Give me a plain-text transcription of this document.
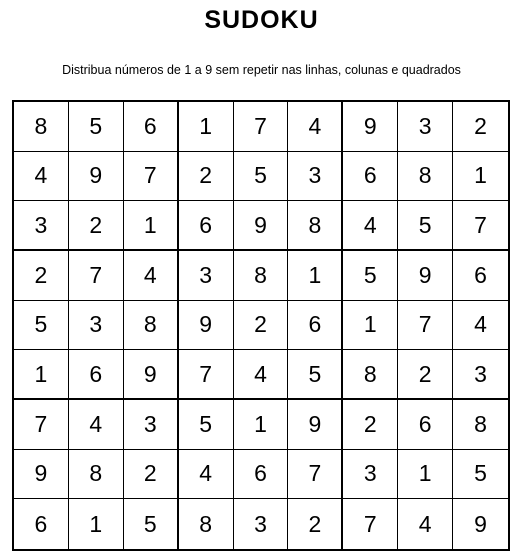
SUDOKU
Distribua números de 1 a 9 sem repetir nas linhas, colunas e quadrados
8	5	6	1	7	4	9	3	2
4	9	7	2	5	3	6	8	1
3	2	1	6	9	8	4	5	7
2	7	4	3	8	1	5	9	6
5	3	8	9	2	6	1	7	4
1	6	9	7	4	5	8	2	3
7	4	3	5	1	9	2	6	8
9	8	2	4	6	7	3	1	5
6	1	5	8	3	2	7	4	9
